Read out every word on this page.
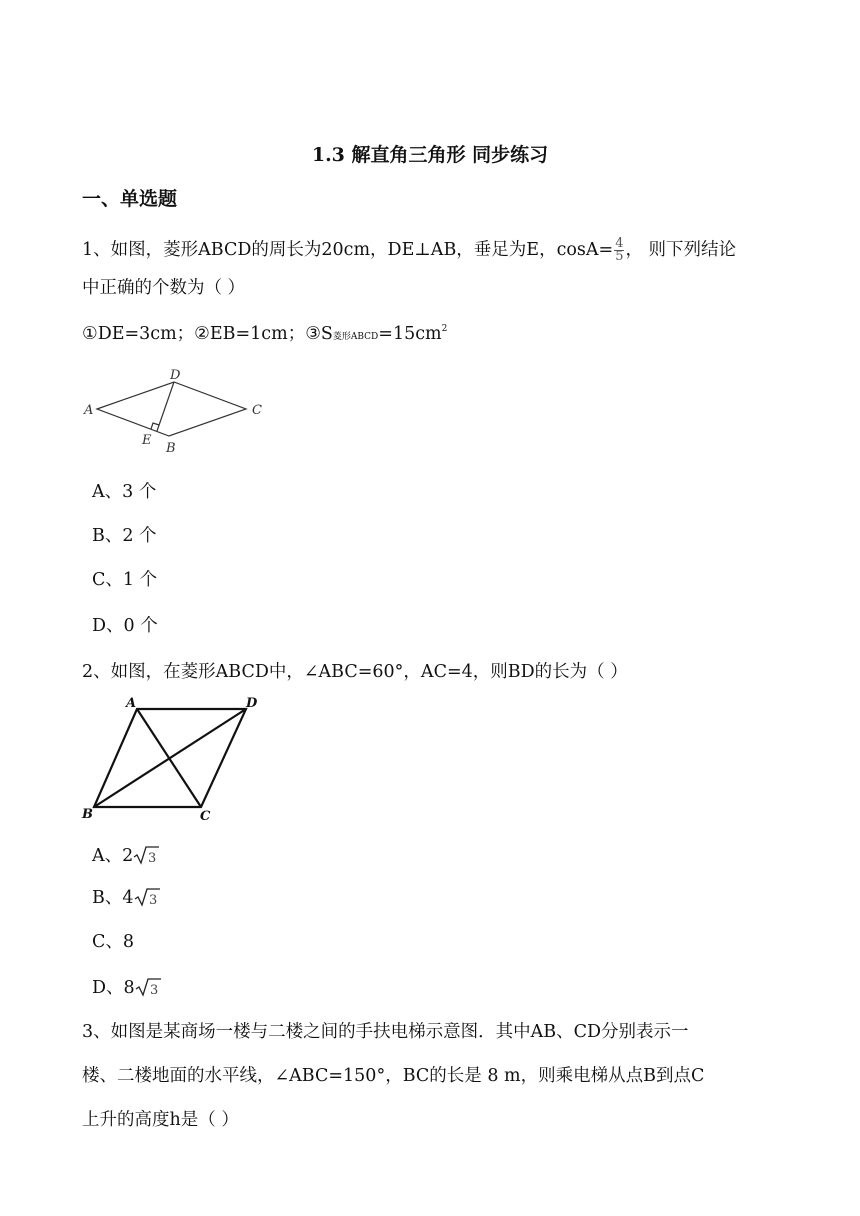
1.3 解直角三角形 同步练习
一、单选题
1、如图，菱形ABCD的周长为20cm，DE⊥AB，垂足为E，$\cos A= \frac{4}{5}$ ， 则下列结论
中正确的个数为（ ）
①DE=3cm；②EB=1cm；③S菱形$ABCD=15cm^2$
A
D
C
E
B
A、3 个
B、2 个
C、1 个
D、0 个
2、如图，在菱形ABCD中，∠ABC=60°，AC=4，则BD的长为（ ）
A	D
B	C
A、2 3
B、4 3
C、8
D、8 3
3、如图是某商场一楼与二楼之间的手扶电梯示意图．其中AB、CD分别表示一
楼、二楼地面的水平线，∠ABC=150°，BC的长是 8 m，则乘电梯从点B到点C
上升的高度h是（ ）
